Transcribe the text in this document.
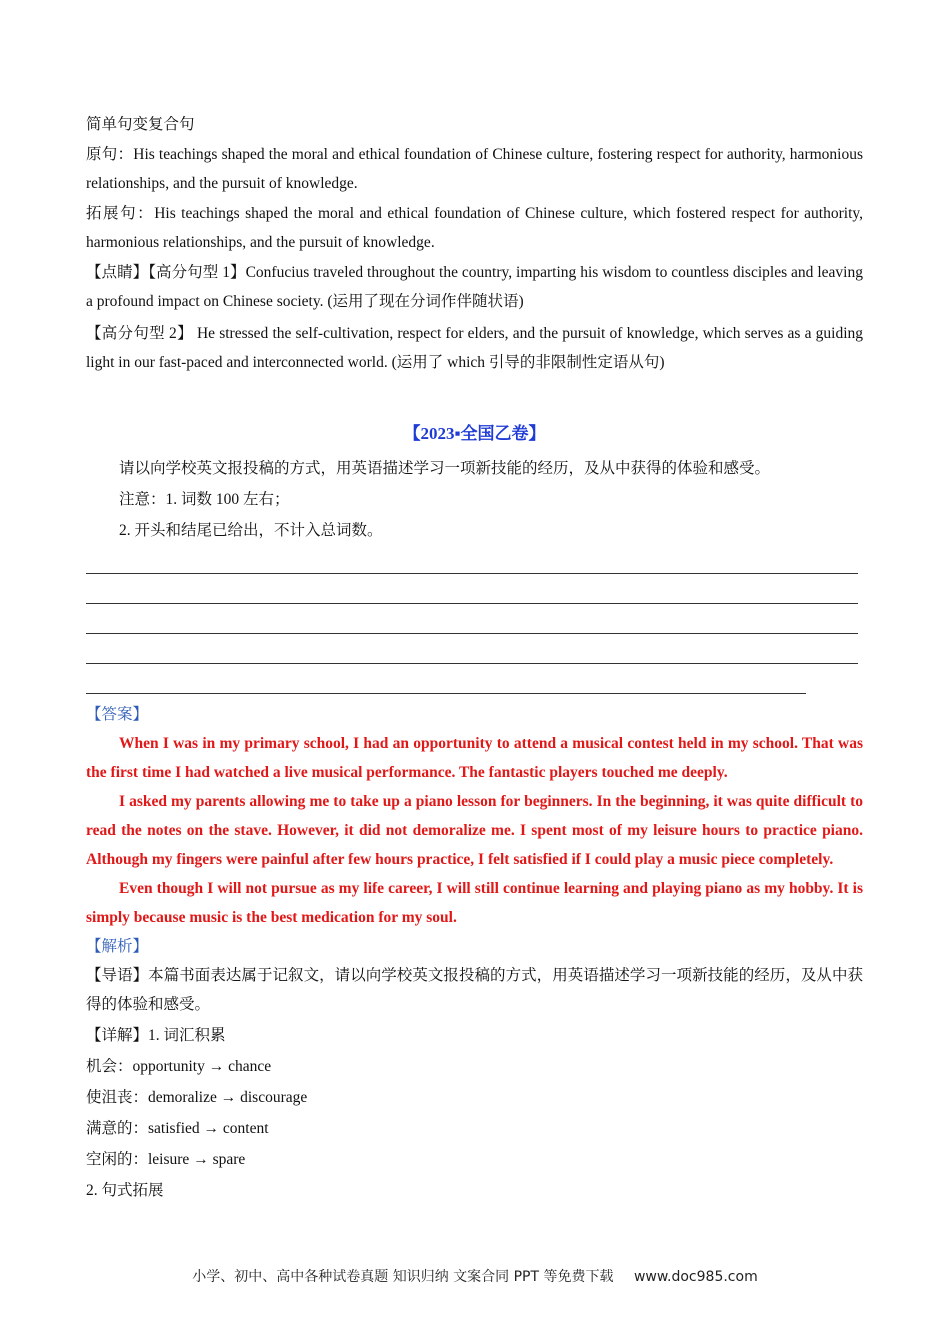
简单句变复合句

原句：His teachings shaped the moral and ethical foundation of Chinese culture, fostering respect for authority, harmonious relationships, and the pursuit of knowledge.

拓展句：His teachings shaped the moral and ethical foundation of Chinese culture, which fostered respect for authority, harmonious relationships, and the pursuit of knowledge.

【点睛】【高分句型 1】Confucius traveled throughout the country, imparting his wisdom to countless disciples and leaving a profound impact on Chinese society. (运用了现在分词作伴随状语)

【高分句型 2】 He stressed the self-cultivation, respect for elders, and the pursuit of knowledge, which serves as a guiding light in our fast-paced and interconnected world. (运用了 which 引导的非限制性定语从句)

【2023▪全国乙卷】

请以向学校英文报投稿的方式，用英语描述学习一项新技能的经历，及从中获得的体验和感受。

注意：1. 词数 100 左右；

2. 开头和结尾已给出，不计入总词数。

【答案】

When I was in my primary school, I had an opportunity to attend a musical contest held in my school. That was the first time I had watched a live musical performance. The fantastic players touched me deeply.

I asked my parents allowing me to take up a piano lesson for beginners. In the beginning, it was quite difficult to read the notes on the stave. However, it did not demoralize me. I spent most of my leisure hours to practice piano. Although my fingers were painful after few hours practice, I felt satisfied if I could play a music piece completely.

Even though I will not pursue as my life career, I will still continue learning and playing piano as my hobby. It is simply because music is the best medication for my soul.

【解析】

【导语】本篇书面表达属于记叙文，请以向学校英文报投稿的方式，用英语描述学习一项新技能的经历，及从中获得的体验和感受。

【详解】1. 词汇积累

机会：opportunity → chance

使沮丧：demoralize → discourage

满意的：satisfied → content

空闲的：leisure → spare

2. 句式拓展

小学、初中、高中各种试卷真题 知识归纳 文案合同 PPT 等免费下载 www.doc985.com
